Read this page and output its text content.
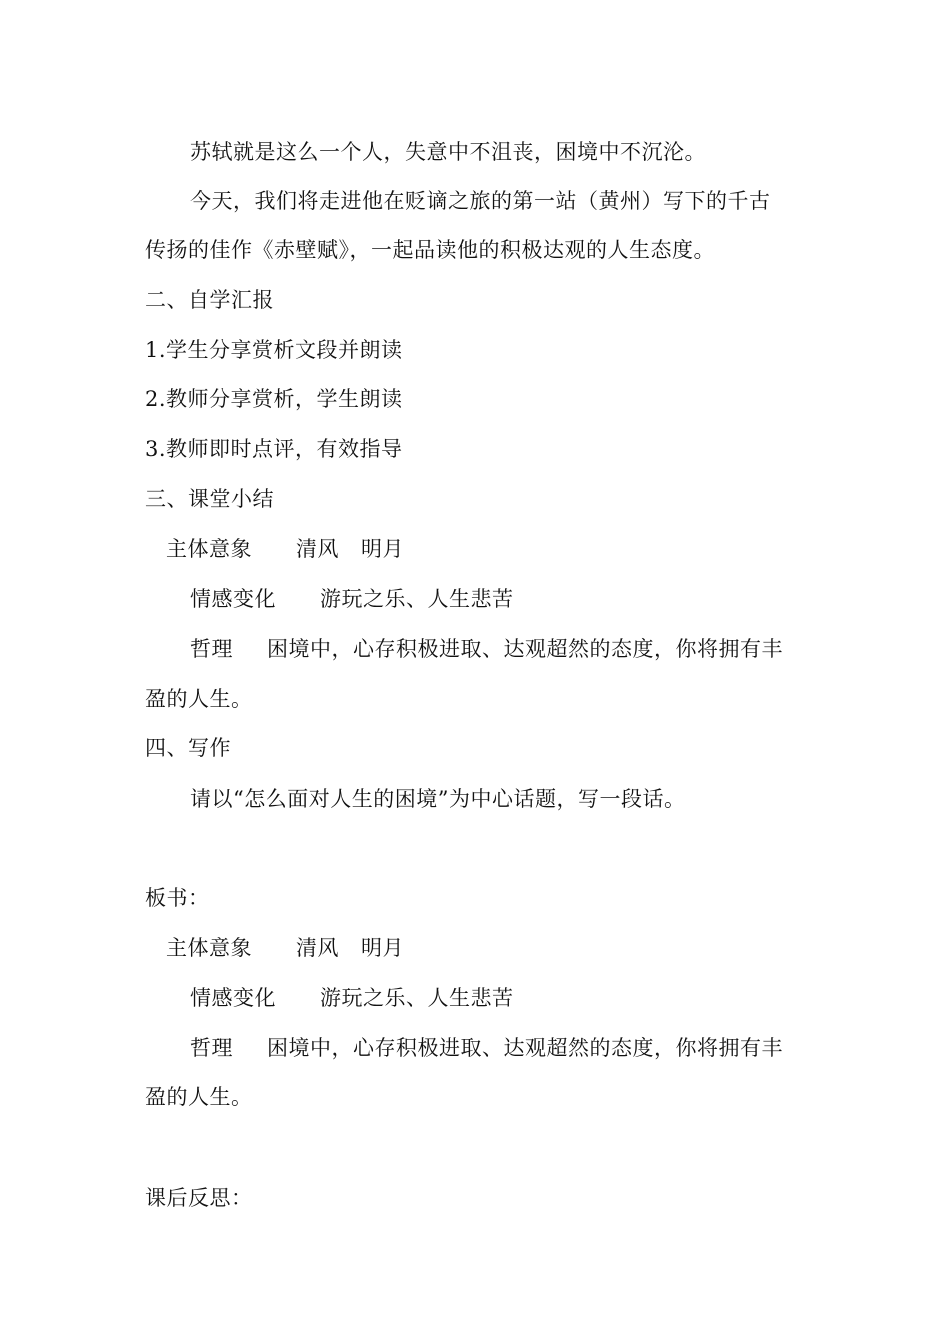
苏轼就是这么一个人，失意中不沮丧，困境中不沉沦。
今天，我们将走进他在贬谪之旅的第一站（黄州）写下的千古
传扬的佳作《赤壁赋》，一起品读他的积极达观的人生态度。
二、自学汇报
1.学生分享赏析文段并朗读
2.教师分享赏析，学生朗读
3.教师即时点评，有效指导
三、课堂小结
主体意象 清风 明月
情感变化 游玩之乐、人生悲苦
哲理 困境中，心存积极进取、达观超然的态度，你将拥有丰
盈的人生。
四、写作
请以“怎么面对人生的困境”为中心话题，写一段话。
板书：
主体意象 清风 明月
情感变化 游玩之乐、人生悲苦
哲理 困境中，心存积极进取、达观超然的态度，你将拥有丰
盈的人生。
课后反思：
